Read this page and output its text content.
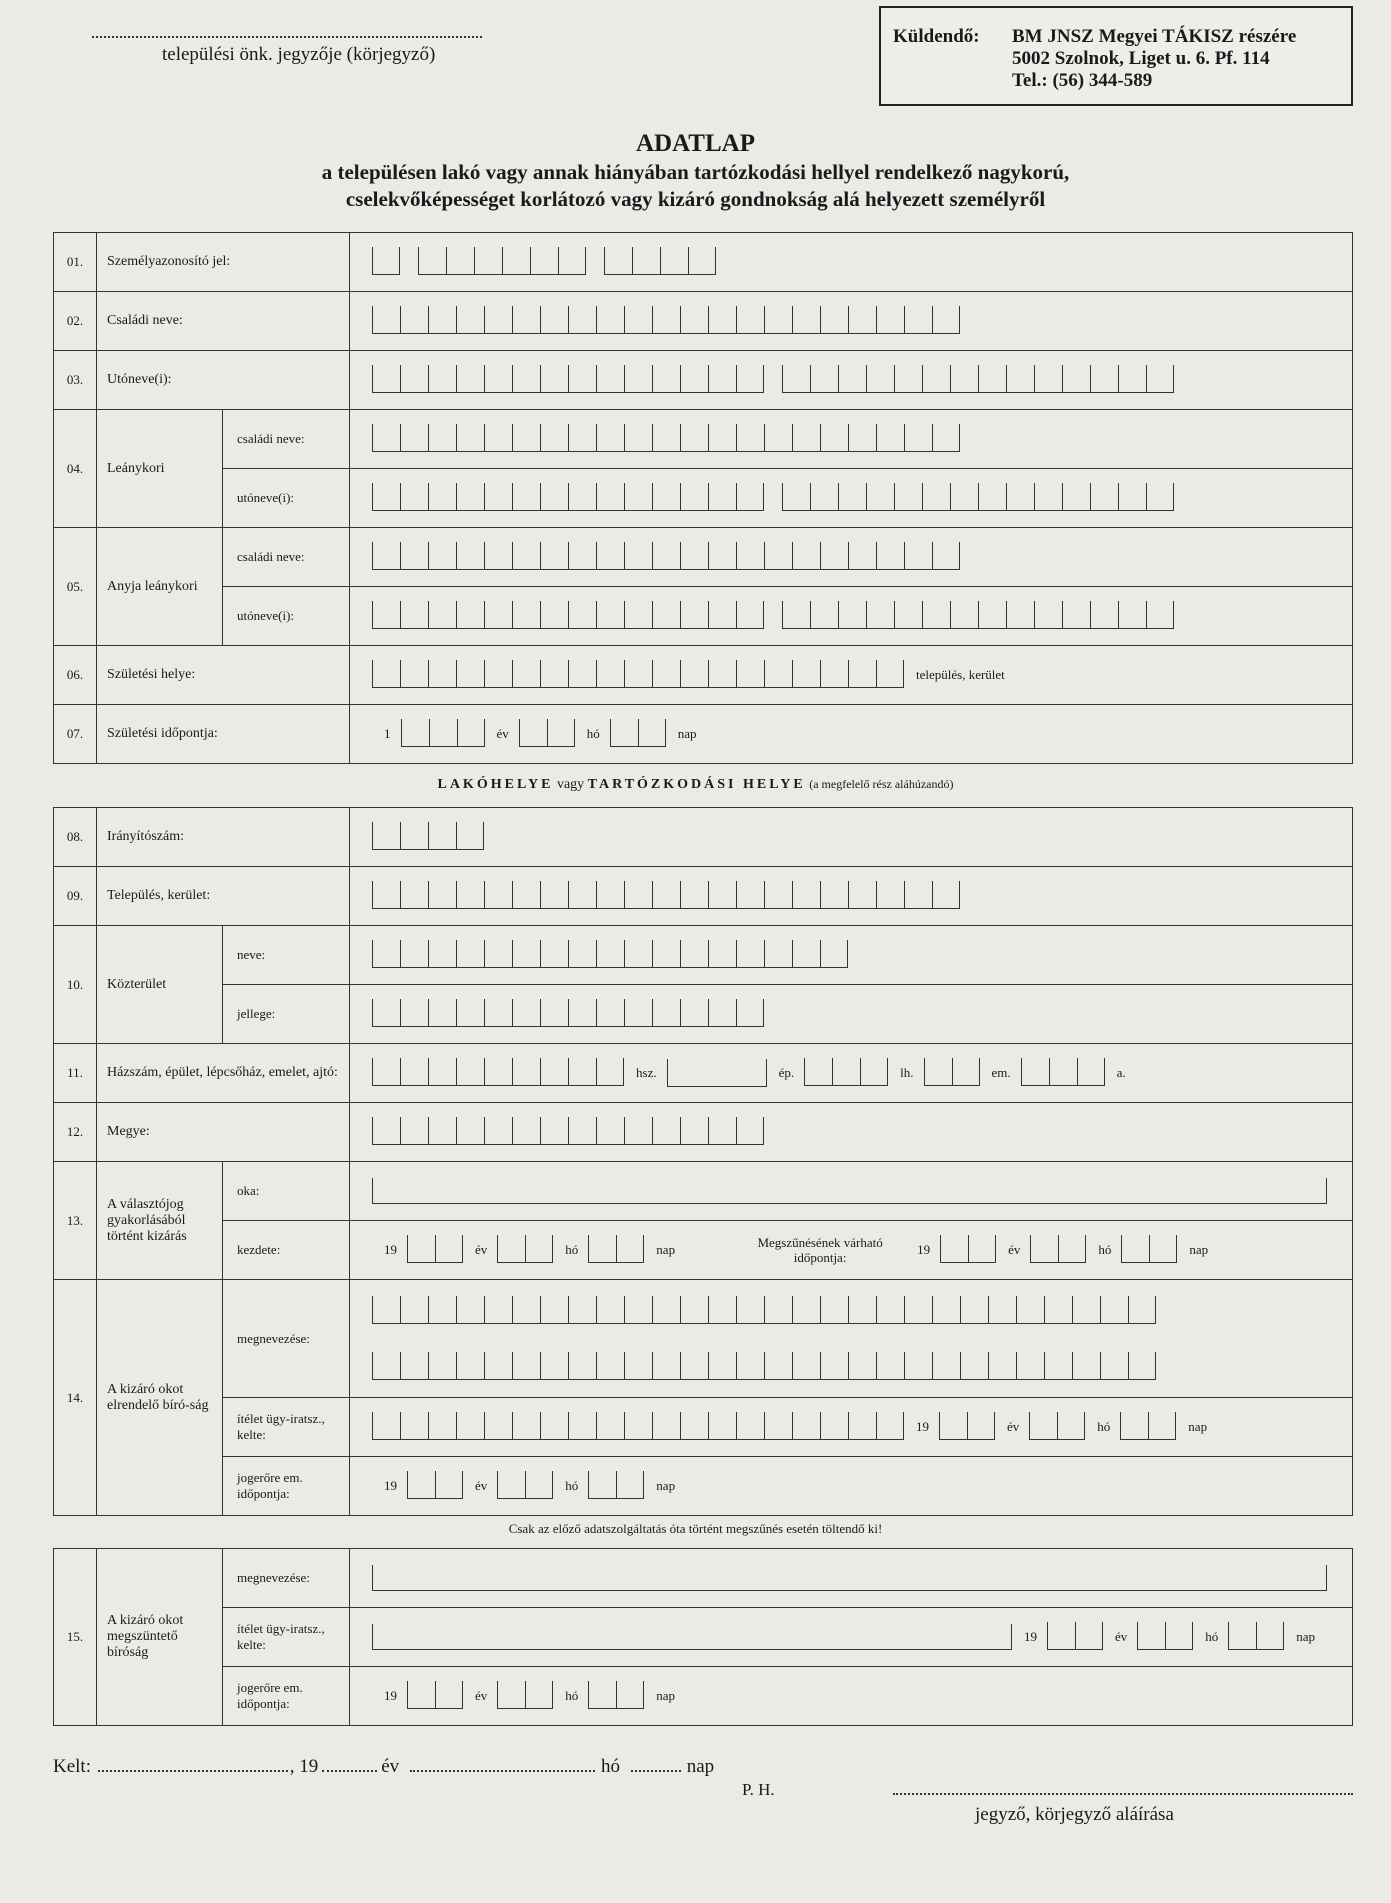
települési önk. jegyzője (körjegyző)
Küldendő: BM JNSZ Megyei TÁKISZ részére
5002 Szolnok, Liget u. 6. Pf. 114
Tel.: (56) 344-589
ADATLAP
a településen lakó vagy annak hiányában tartózkodási hellyel rendelkező nagykorú,
cselekvőképességet korlátozó vagy kizáró gondnokság alá helyezett személyről
01.	Személyazonosító jel:		
02.	Családi neve:		
03.	Utóneve(i):		
04.	Leánykori	családi neve:	
		utóneve(i):	
05.	Anyja leánykori	családi neve:	
		utóneve(i):	
06.	Születési helye:		település, kerület
07.	Születési időpontja:		1 év hó nap
LAKÓHELYE vagy TARTÓZKODÁSI HELYE (a megfelelő rész aláhúzandó)
08.	Irányítószám:		
09.	Település, kerület:		
10.	Közterület	neve:	
		jellege:	
11.	Házszám, épület, lépcsőház, emelet, ajtó:		hsz. ép. lh. em. a.
12.	Megye:		
13.	A választójog gyakorlásából történt kizárás	oka:	
		kezdete:	19 év hó nap Megszűnésének várható időpontja:19 év hó nap
14.	A kizáró okot elrendelő bíró-ság	megnevezése:	

		ítélet ügy-iratsz., kelte:	19 év hó nap
		jogerőre em. időpontja:	19 év hó nap
Csak az előző adatszolgáltatás óta történt megszűnés esetén töltendő ki!
15.	A kizáró okot megszüntető bíróság	megnevezése:	
		ítélet ügy-iratsz., kelte:	19 év hó nap
		jogerőre em. időpontja:	19 év hó nap
Kelt:	, 19	év	hó	nap
P. H.
jegyző, körjegyző aláírása
